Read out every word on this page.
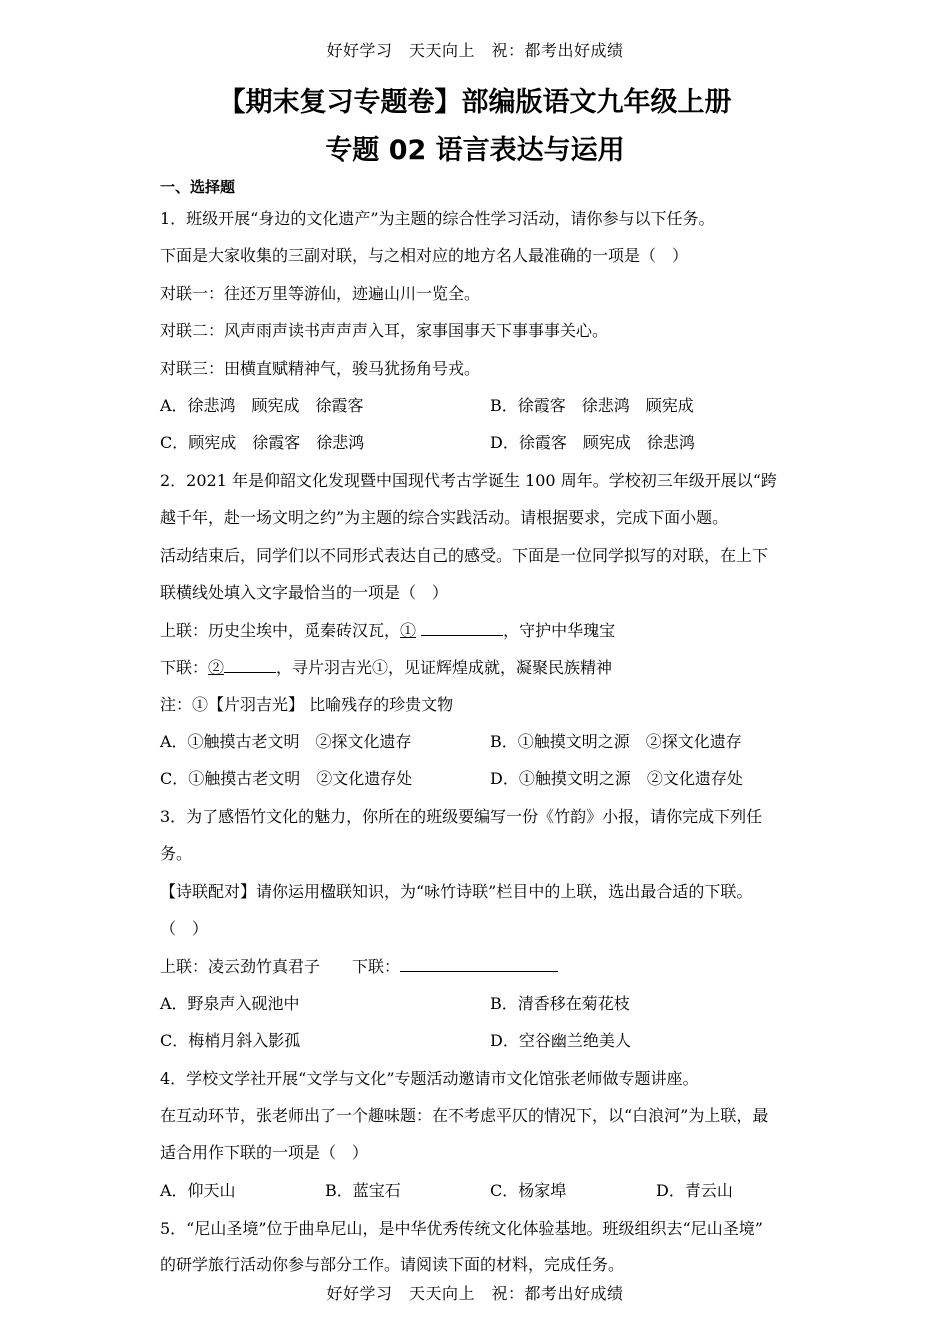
好好学习　天天向上　祝：都考出好成绩
【期末复习专题卷】部编版语文九年级上册
专题 02 语言表达与运用
一、选择题
1．班级开展“身边的文化遗产”为主题的综合性学习活动，请你参与以下任务。
下面是大家收集的三副对联，与之相对应的地方名人最准确的一项是（　）
对联一：往还万里等游仙，迹遍山川一览全。
对联二：风声雨声读书声声声入耳，家事国事天下事事事关心。
对联三：田横直赋精神气，骏马犹扬角号戎。
A．徐悲鸿　顾宪成　徐霞客	B．徐霞客　徐悲鸿　顾宪成
C．顾宪成　徐霞客　徐悲鸿	D．徐霞客　顾宪成　徐悲鸿
2．2021 年是仰韶文化发现暨中国现代考古学诞生 100 周年。学校初三年级开展以“跨
越千年，赴一场文明之约”为主题的综合实践活动。请根据要求，完成下面小题。
活动结束后，同学们以不同形式表达自己的感受。下面是一位同学拟写的对联，在上下
联横线处填入文字最恰当的一项是（　）
上联：历史尘埃中，觅秦砖汉瓦，①	，守护中华瑰宝
下联：②	，寻片羽吉光①，见证辉煌成就，凝聚民族精神
注：①【片羽吉光】 比喻残存的珍贵文物
A．①触摸古老文明　②探文化遗存	B．①触摸文明之源　②探文化遗存
C．①触摸古老文明　②文化遗存处	D．①触摸文明之源　②文化遗存处
3．为了感悟竹文化的魅力，你所在的班级要编写一份《竹韵》小报，请你完成下列任
务。
【诗联配对】请你运用楹联知识，为“咏竹诗联”栏目中的上联，选出最合适的下联。
（　）
上联：凌云劲竹真君子　　下联：
A．野泉声入砚池中	B．清香移在菊花枝
C．梅梢月斜入影孤	D．空谷幽兰绝美人
4．学校文学社开展“文学与文化”专题活动邀请市文化馆张老师做专题讲座。
在互动环节，张老师出了一个趣味题：在不考虑平仄的情况下，以“白浪河”为上联，最
适合用作下联的一项是（　）
A．仰天山	B．蓝宝石	C．杨家埠	D．青云山
5．“尼山圣境”位于曲阜尼山，是中华优秀传统文化体验基地。班级组织去“尼山圣境”
的研学旅行活动你参与部分工作。请阅读下面的材料，完成任务。
好好学习　天天向上　祝：都考出好成绩
